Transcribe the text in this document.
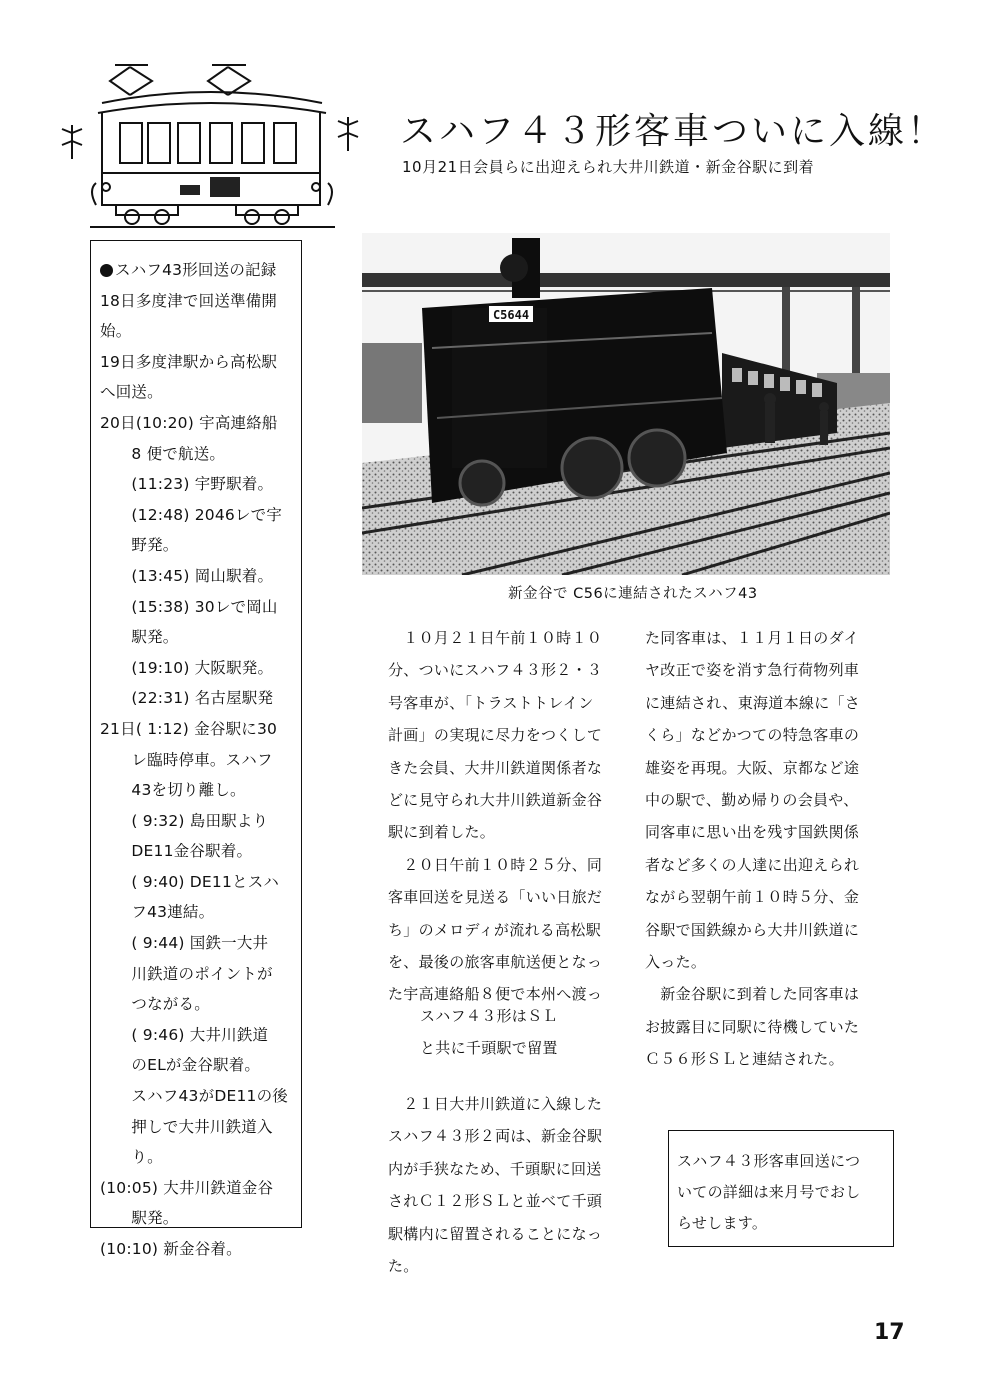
スハフ４３形客車ついに入線！
10月21日会員らに出迎えられ大井川鉄道・新金谷駅に到着
スハフ43形回送の記録
18日多度津で回送準備開
始。
19日多度津駅から高松駅
へ回送。
20日(10:20) 宇高連絡船
　　8 便で航送。
　　(11:23) 宇野駅着。
　　(12:48) 2046レで宇
　　野発。
　　(13:45) 岡山駅着。
　　(15:38) 30レで岡山
　　駅発。
　　(19:10) 大阪駅発。
　　(22:31) 名古屋駅発
21日( 1:12) 金谷駅に30
　　レ臨時停車。スハフ
　　43を切り離し。
　　( 9:32) 島田駅より
　　DE11金谷駅着。
　　( 9:40) DE11とスハ
　　フ43連結。
　　( 9:44) 国鉄一大井
　　川鉄道のポイントが
　　つながる。
　　( 9:46) 大井川鉄道
　　のELが金谷駅着。
　　スハフ43がDE11の後
　　押しで大井川鉄道入
　　り。
(10:05) 大井川鉄道金谷
　　駅発。
(10:10) 新金谷着。
C5644
新金谷で C56に連結されたスハフ43
　１０月２１日午前１０時１０
分、ついにスハフ４３形２・３
号客車が、「トラストトレイン
計画」の実現に尽力をつくして
きた会員、大井川鉄道関係者な
どに見守られ大井川鉄道新金谷
駅に到着した。
　２０日午前１０時２５分、同
客車回送を見送る「いい日旅だ
ち」のメロディが流れる高松駅
を、最後の旅客車航送便となっ
た宇高連絡船８便で本州へ渡っ
た同客車は、１１月１日のダイ
ヤ改正で姿を消す急行荷物列車
に連結され、東海道本線に「さ
くら」などかつての特急客車の
雄姿を再現。大阪、京都など途
中の駅で、勤め帰りの会員や、
同客車に思い出を残す国鉄関係
者など多くの人達に出迎えられ
ながら翌朝午前１０時５分、金
谷駅で国鉄線から大井川鉄道に
入った。
　新金谷駅に到着した同客車は
お披露目に同駅に待機していた
Ｃ５６形ＳＬと連結された。
スハフ４３形はＳＬ
と共に千頭駅で留置
　２１日大井川鉄道に入線した
スハフ４３形２両は、新金谷駅
内が手狭なため、千頭駅に回送
されＣ１２形ＳＬと並べて千頭
駅構内に留置されることになっ
た。
スハフ４３形客車回送につ
いての詳細は来月号でおし
らせします。
17
